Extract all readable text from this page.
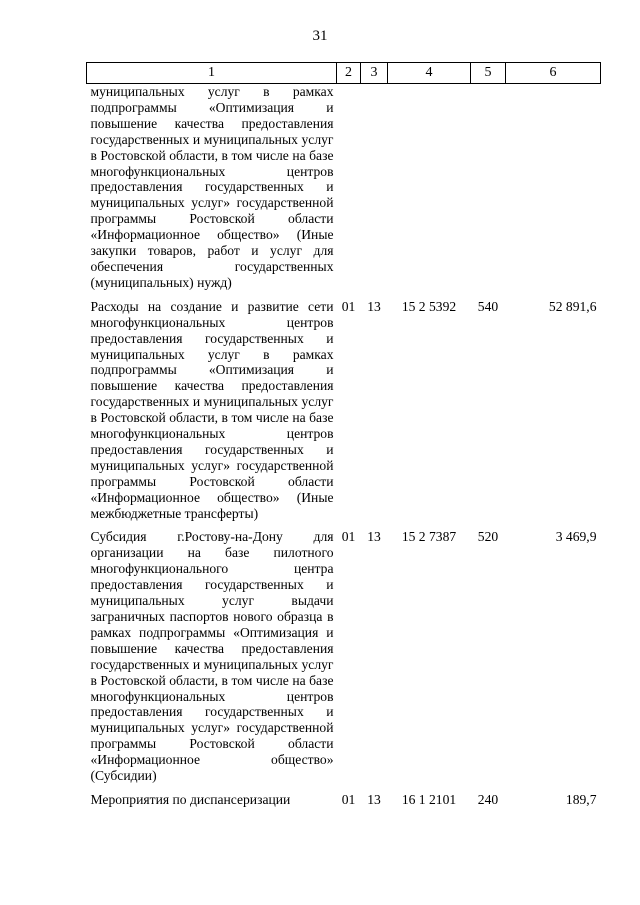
31
1	2	3	4	5	6
муниципальных услуг в рамках подпрограммы «Оптимизация и повышение качества предоставления государственных и муниципальных услуг в Ростовской области, в том числе на базе многофункциональных центров предоставления государственных и муниципальных услуг» государственной программы Ростовской области «Информационное общество» (Иные закупки товаров, работ и услуг для обеспечения государственных (муниципальных) нужд)					
Расходы на создание и развитие сети многофункциональных центров предоставления государственных и муниципальных услуг в рамках подпрограммы «Оптимизация и повышение качества предоставления государственных и муниципальных услуг в Ростовской области, в том числе на базе многофункциональных центров предоставления государственных и муниципальных услуг» государственной программы Ростовской области «Информационное общество» (Иные межбюджетные трансферты)	01	13	15 2 5392	540	52 891,6
Субсидия г.Ростову-на-Дону для организации на базе пилотного многофункционального центра предоставления государственных и муниципальных услуг выдачи заграничных паспортов нового образца в рамках подпрограммы «Оптимизация и повышение качества предоставления государственных и муниципальных услуг в Ростовской области, в том числе на базе многофункциональных центров предоставления государственных и муниципальных услуг» государственной программы Ростовской области «Информационное общество» (Субсидии)	01	13	15 2 7387	520	3 469,9
Мероприятия по диспансеризации	01	13	16 1 2101	240	189,7
